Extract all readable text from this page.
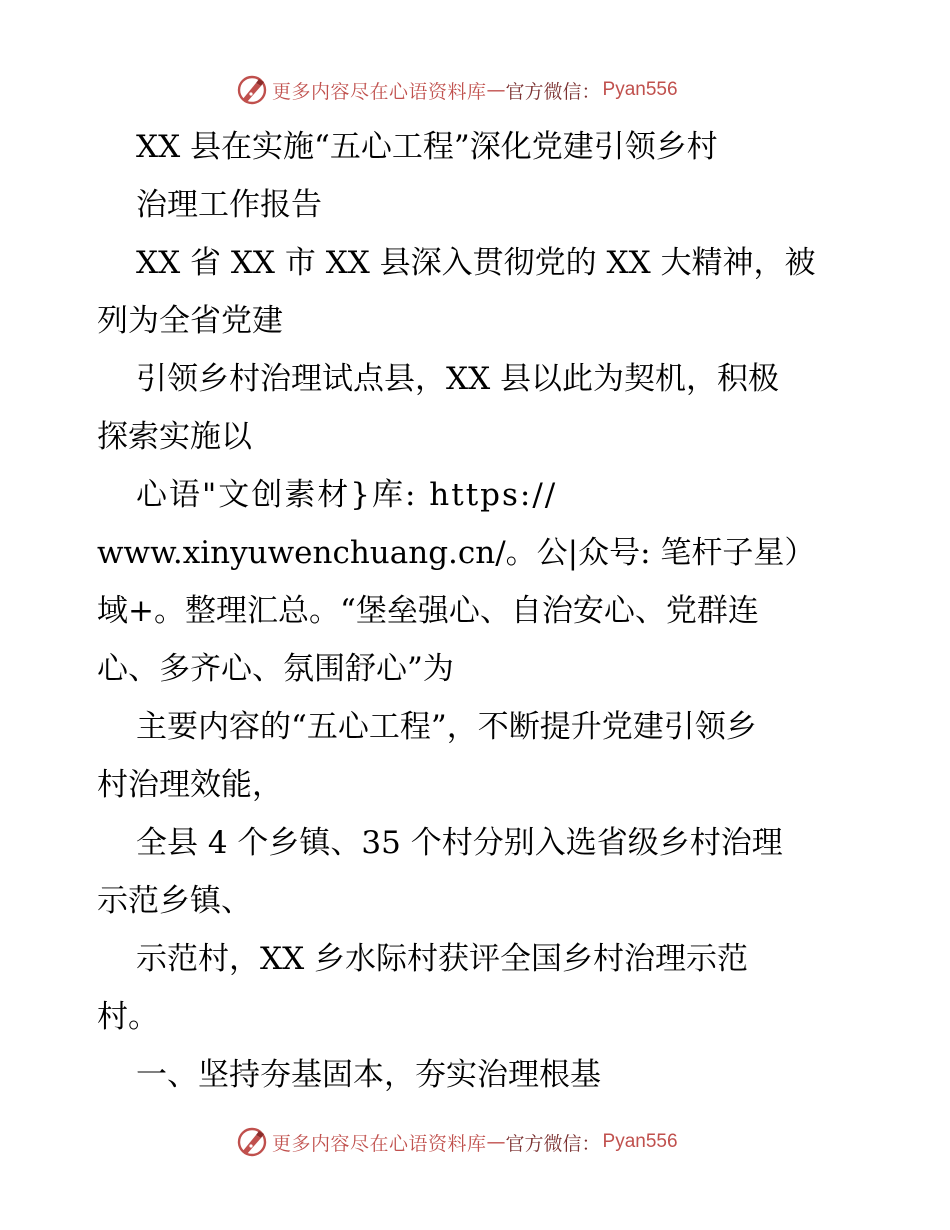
更多内容尽在心语资料库 — 官方微信： Pyan556
XX 县在实施“五心工程”深化党建引领乡村
治理工作报告
XX 省 XX 市 XX 县深入贯彻党的 XX 大精神，被
列为全省党建
引领乡村治理试点县，XX 县以此为契机，积极
探索实施以
心语"文创素材}库: https://
www.xinyuwenchuang.cn/。公|众号: 笔杆子星）
域+。整理汇总。“堡垒强心、自治安心、党群连
心、多齐心、氛围舒心”为
主要内容的“五心工程”，不断提升党建引领乡
村治理效能，
全县 4 个乡镇、35 个村分别入选省级乡村治理
示范乡镇、
示范村，XX 乡水际村获评全国乡村治理示范
村。
一、坚持夯基固本，夯实治理根基
更多内容尽在心语资料库 — 官方微信： Pyan556
